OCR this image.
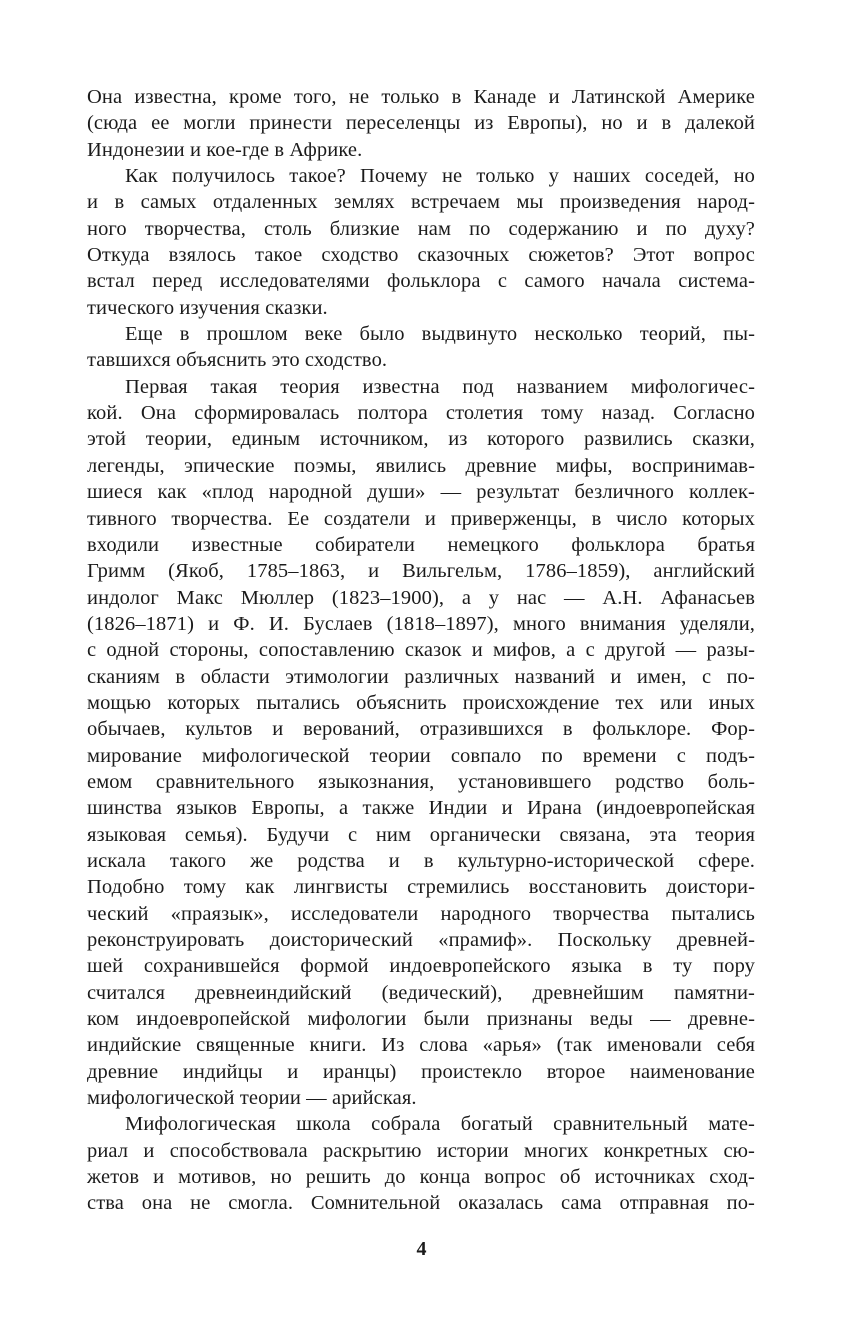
Она известна, кроме того, не только в Канаде и Латинской Америке
(сюда ее могли принести переселенцы из Европы), но и в далекой
Индонезии и кое-где в Африке.
Как получилось такое? Почему не только у наших соседей, но
и в самых отдаленных землях встречаем мы произведения народ-
ного творчества, столь близкие нам по содержанию и по духу?
Откуда взялось такое сходство сказочных сюжетов? Этот вопрос
встал перед исследователями фольклора с самого начала система-
тического изучения сказки.
Еще в прошлом веке было выдвинуто несколько теорий, пы-
тавшихся объяснить это сходство.
Первая такая теория известна под названием мифологичес-
кой. Она сформировалась полтора столетия тому назад. Согласно
этой теории, единым источником, из которого развились сказки,
легенды, эпические поэмы, явились древние мифы, воспринимав-
шиеся как «плод народной души» — результат безличного коллек-
тивного творчества. Ее создатели и приверженцы, в число которых
входили известные собиратели немецкого фольклора братья
Гримм (Якоб, 1785–1863, и Вильгельм, 1786–1859), английский
индолог Макс Мюллер (1823–1900), а у нас — А.Н. Афанасьев
(1826–1871) и Ф. И. Буслаев (1818–1897), много внимания уделяли,
с одной стороны, сопоставлению сказок и мифов, а с другой — разы-
сканиям в области этимологии различных названий и имен, с по-
мощью которых пытались объяснить происхождение тех или иных
обычаев, культов и верований, отразившихся в фольклоре. Фор-
мирование мифологической теории совпало по времени с подъ-
емом сравнительного языкознания, установившего родство боль-
шинства языков Европы, а также Индии и Ирана (индоевропейская
языковая семья). Будучи с ним органически связана, эта теория
искала такого же родства и в культурно-исторической сфере.
Подобно тому как лингвисты стремились восстановить доистори-
ческий «праязык», исследователи народного творчества пытались
реконструировать доисторический «прамиф». Поскольку древней-
шей сохранившейся формой индоевропейского языка в ту пору
считался древнеиндийский (ведический), древнейшим памятни-
ком индоевропейской мифологии были признаны веды — древне-
индийские священные книги. Из слова «арья» (так именовали себя
древние индийцы и иранцы) проистекло второе наименование
мифологической теории — арийская.
Мифологическая школа собрала богатый сравнительный мате-
риал и способствовала раскрытию истории многих конкретных сю-
жетов и мотивов, но решить до конца вопрос об источниках сход-
ства она не смогла. Сомнительной оказалась сама отправная по-
4
